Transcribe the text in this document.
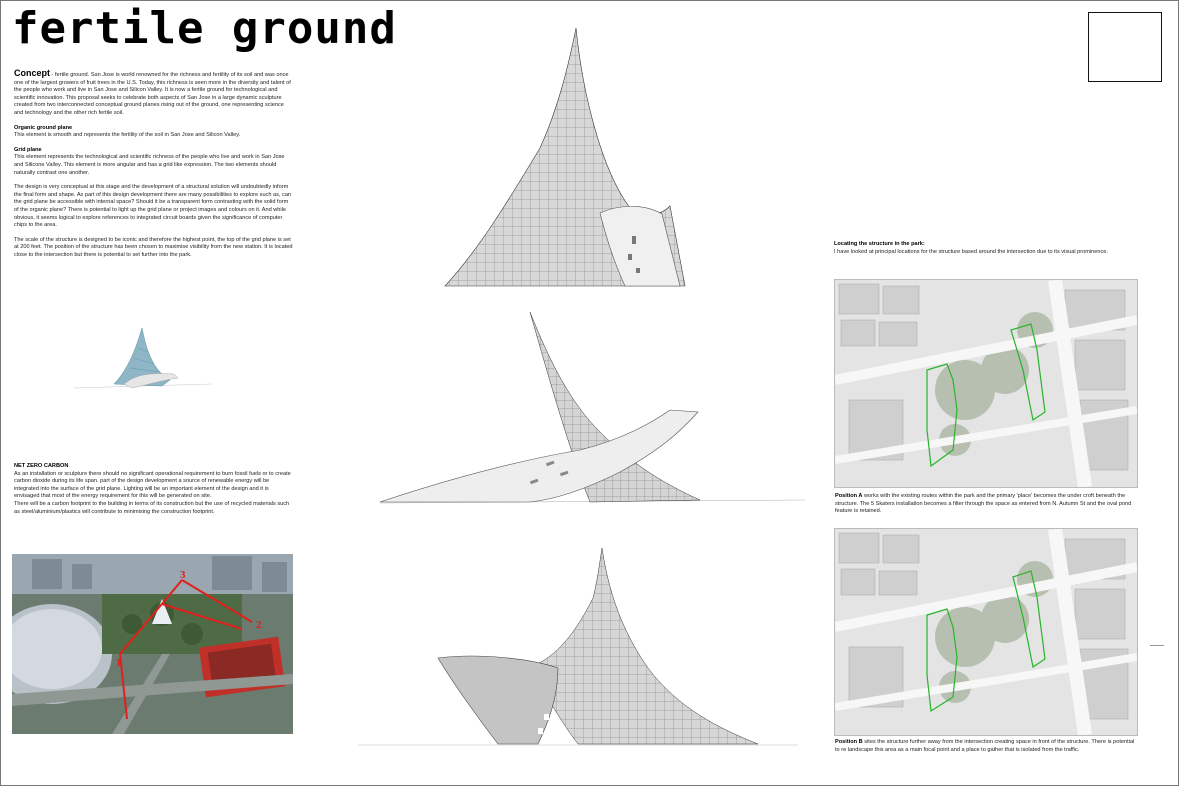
fertile ground

Concept - fertile ground. San Jose is world renowned for the richness and fertility of its soil and was once one of the largest growers of fruit trees in the U.S. Today, this richness is seen more in the diversity and talent of the people who work and live in San Jose and Silicon Valley. It is now a fertile ground for technological and scientific innovation. This proposal seeks to celebrate both aspects of San Jose in a large dynamic sculpture created from two interconnected conceptual ground planes rising out of the ground, one representing science and technology and the other rich fertile soil.

Organic ground plane
This element is smooth and represents the fertility of the soil in San Jose and Silicon Valley.

Grid plane
This element represents the technological and scientific richness of the people who live and work in San Jose and Silicone Valley. This element is more angular and has a grid like expression. The two elements should naturally contrast one another.

The design is very conceptual at this stage and the development of a structural solution will undoubtedly inform the final form and shape. As part of this design development there are many possibilities to explore such as, can the grid plane be accessible with internal space? Should it be a transparent form contrasting with the solid form of the organic plane? There is potential to light up the grid plane or project images and colours on it. And while obvious, it seems logical to explore references to integrated circuit boards given the significance of computer chips to the area.

The scale of the structure is designed to be iconic and therefore the highest point, the top of the grid plane is set at 200 feet. The position of the structure has been chosen to maximise visibility from the new station. It is located close to the intersection but there is potential to set further into the park.

NET ZERO CARBON
As an installation or sculpture there should no significant operational requirement to burn fossil fuels or to create carbon dioxide during its life span. part of the design development a source of renewable energy will be integrated into the surface of the grid plane. Lighting will be an important element of the design and it is envisaged that most of the energy requirement for this will be generated on site.
There will be a carbon footprint to the building in terms of its construction but the use of recycled materials such as steel/aluminium/plastics will contribute to minimising the construction footprint.
3
2
1
Locating the structure in the park:
I have looked at principal locations for the structure based around the intersection due to its visual prominence.
Position A works with the existing routes within the park and the primary 'place' becomes the under croft beneath the structure. The 5 Skaters installation becomes a filter through the space as entered from N. Autumn St and the oval pond feature is retained.
Position B sites the structure further away from the intersection creating space in front of the structure. There is potential to re landscape this area as a main focal point and a place to gather that is isolated from the traffic.
